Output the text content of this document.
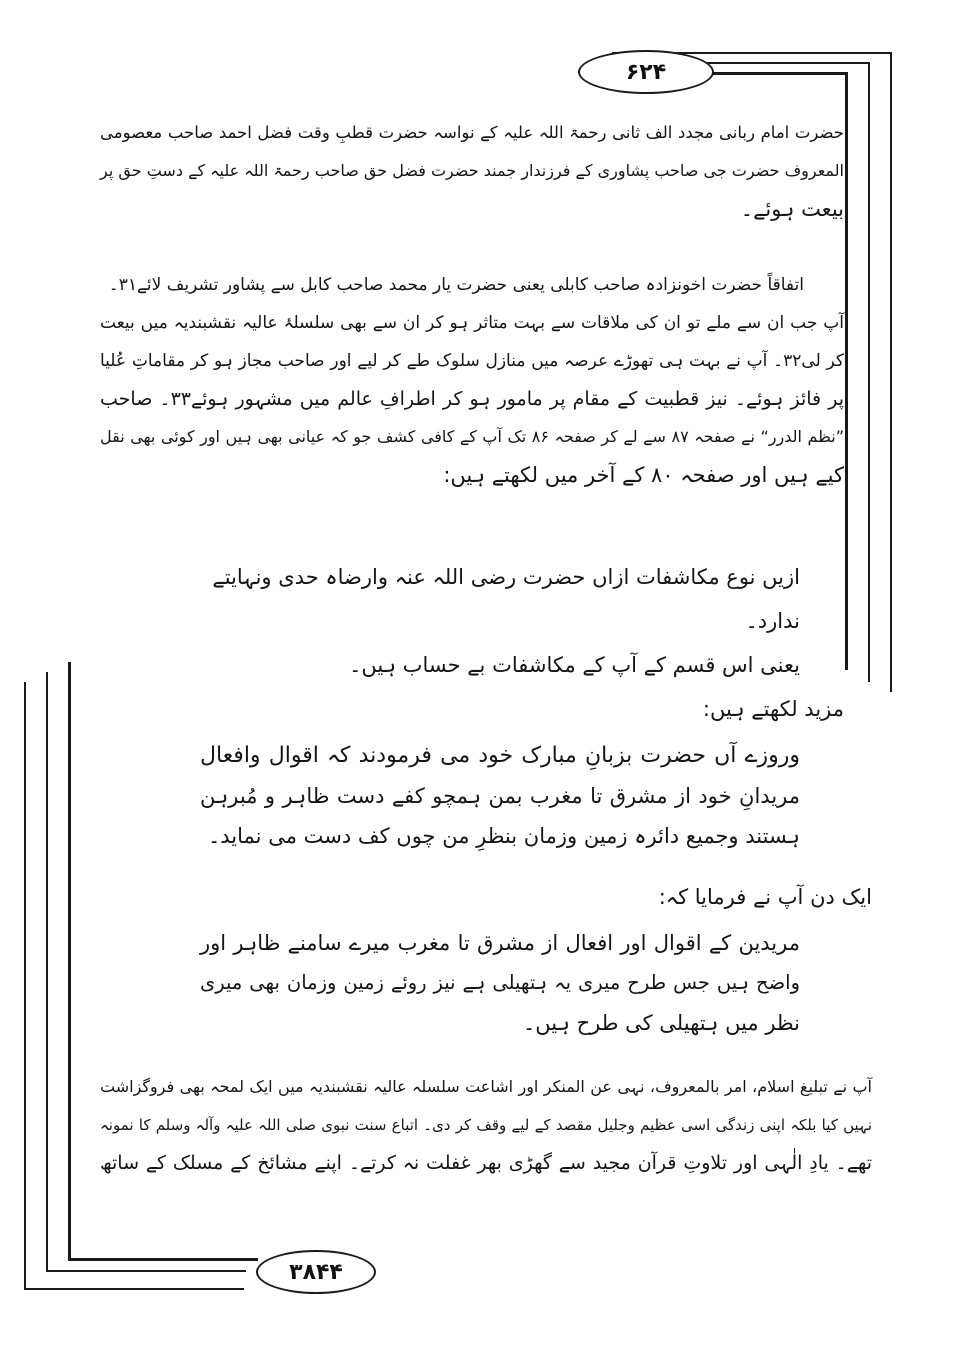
۶۲۴
۳۸۴۴
حضرت امام ربانی مجدد الف ثانی رحمۃ اللہ علیہ کے نواسہ حضرت قطبِ وقت فضل احمد صاحب معصومی
المعروف حضرت جی صاحب پشاوری کے فرزندار جمند حضرت فضل حق صاحب رحمۃ اللہ علیہ کے دستِ حق پر
بیعت ہوئے۔
اتفاقاً حضرت اخونزادہ صاحب کابلی یعنی حضرت یار محمد صاحب کابل سے پشاور تشریف لائے۳۱۔
آپ جب ان سے ملے تو ان کی ملاقات سے بہت متاثر ہو کر ان سے بھی سلسلۂ عالیہ نقشبندیہ میں بیعت
کر لی۳۲۔ آپ نے بہت ہی تھوڑے عرصہ میں منازل سلوک طے کر لیے اور صاحب مجاز ہو کر مقاماتِ عُلیا
پر فائز ہوئے۔ نیز قطبیت کے مقام پر مامور ہو کر اطرافِ عالم میں مشہور ہوئے۳۳۔ صاحب
”نظم الدرر“ نے صفحہ ۸۷ سے لے کر صفحہ ۸۶ تک آپ کے کافی کشف جو کہ عیانی بھی ہیں اور کوئی بھی نقل
کیے ہیں اور صفحہ ۸۰ کے آخر میں لکھتے ہیں:
ازیں نوع مکاشفات ازاں حضرت رضی اللہ عنہ وارضاہ حدی ونہایتے
ندارد۔
یعنی اس قسم کے آپ کے مکاشفات بے حساب ہیں۔
مزید لکھتے ہیں:
وروزے آں حضرت بزبانِ مبارک خود می فرمودند کہ اقوال وافعال
مریدانِ خود از مشرق تا مغرب بمن ہمچو کفے دست ظاہر و مُبرہن
ہستند وجمیع دائرہ زمین وزمان بنظرِ من چوں کف دست می نماید۔
ایک دن آپ نے فرمایا کہ:
مریدین کے اقوال اور افعال از مشرق تا مغرب میرے سامنے ظاہر اور
واضح ہیں جس طرح میری یہ ہتھیلی ہے نیز روئے زمین وزمان بھی میری
نظر میں ہتھیلی کی طرح ہیں۔
آپ نے تبلیغ اسلام، امر بالمعروف، نہی عن المنکر اور اشاعت سلسلہ عالیہ نقشبندیہ میں ایک لمحہ بھی فروگزاشت
نہیں کیا بلکہ اپنی زندگی اسی عظیم وجلیل مقصد کے لیے وقف کر دی۔ اتباع سنت نبوی صلی اللہ علیہ وآلہ وسلم کا نمونہ
تھے۔ یادِ الٰہی اور تلاوتِ قرآن مجید سے گھڑی بھر غفلت نہ کرتے۔ اپنے مشائخ کے مسلک کے ساتھ
